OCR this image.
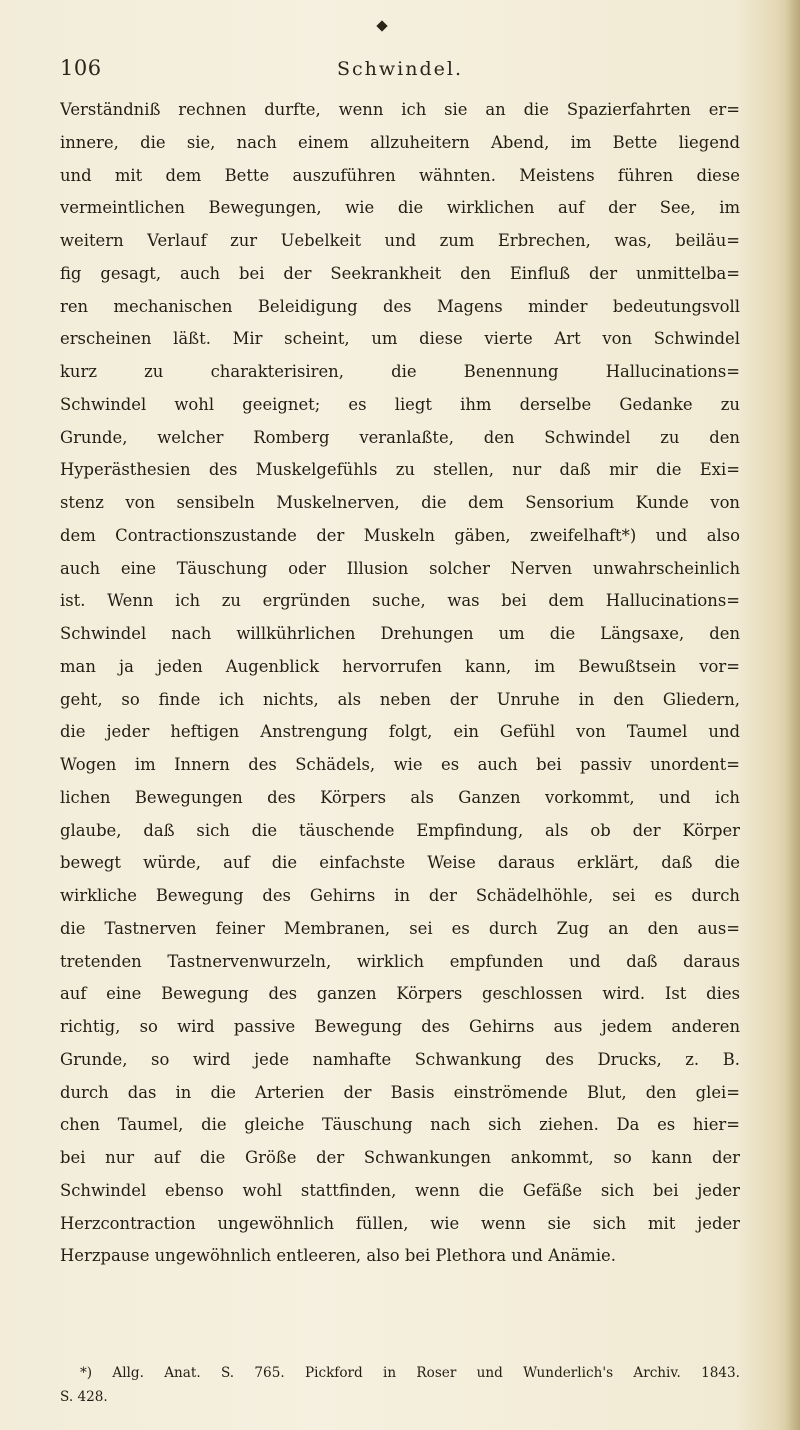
106	Schwindel.
Verständniß rechnen durfte, wenn ich sie an die Spazierfahrten er=
innere, die sie, nach einem allzuheitern Abend, im Bette liegend
und mit dem Bette auszuführen wähnten. Meistens führen diese
vermeintlichen Bewegungen, wie die wirklichen auf der See, im
weitern Verlauf zur Uebelkeit und zum Erbrechen, was, beiläu=
fig gesagt, auch bei der Seekrankheit den Einfluß der unmittelba=
ren mechanischen Beleidigung des Magens minder bedeutungsvoll
erscheinen läßt. Mir scheint, um diese vierte Art von Schwindel
kurz zu charakterisiren, die Benennung Hallucinations=
Schwindel wohl geeignet; es liegt ihm derselbe Gedanke zu
Grunde, welcher Romberg veranlaßte, den Schwindel zu den
Hyperästhesien des Muskelgefühls zu stellen, nur daß mir die Exi=
stenz von sensibeln Muskelnerven, die dem Sensorium Kunde von
dem Contractionszustande der Muskeln gäben, zweifelhaft*) und also
auch eine Täuschung oder Illusion solcher Nerven unwahrscheinlich
ist. Wenn ich zu ergründen suche, was bei dem Hallucinations=
Schwindel nach willkührlichen Drehungen um die Längsaxe, den
man ja jeden Augenblick hervorrufen kann, im Bewußtsein vor=
geht, so finde ich nichts, als neben der Unruhe in den Gliedern,
die jeder heftigen Anstrengung folgt, ein Gefühl von Taumel und
Wogen im Innern des Schädels, wie es auch bei passiv unordent=
lichen Bewegungen des Körpers als Ganzen vorkommt, und ich
glaube, daß sich die täuschende Empfindung, als ob der Körper
bewegt würde, auf die einfachste Weise daraus erklärt, daß die
wirkliche Bewegung des Gehirns in der Schädelhöhle, sei es durch
die Tastnerven feiner Membranen, sei es durch Zug an den aus=
tretenden Tastnervenwurzeln, wirklich empfunden und daß daraus
auf eine Bewegung des ganzen Körpers geschlossen wird. Ist dies
richtig, so wird passive Bewegung des Gehirns aus jedem anderen
Grunde, so wird jede namhafte Schwankung des Drucks, z. B.
durch das in die Arterien der Basis einströmende Blut, den glei=
chen Taumel, die gleiche Täuschung nach sich ziehen. Da es hier=
bei nur auf die Größe der Schwankungen ankommt, so kann der
Schwindel ebenso wohl stattfinden, wenn die Gefäße sich bei jeder
Herzcontraction ungewöhnlich füllen, wie wenn sie sich mit jeder
Herzpause ungewöhnlich entleeren, also bei Plethora und Anämie.
*) Allg. Anat. S. 765. Pickford in Roser und Wunderlich's Archiv. 1843.
S. 428.
